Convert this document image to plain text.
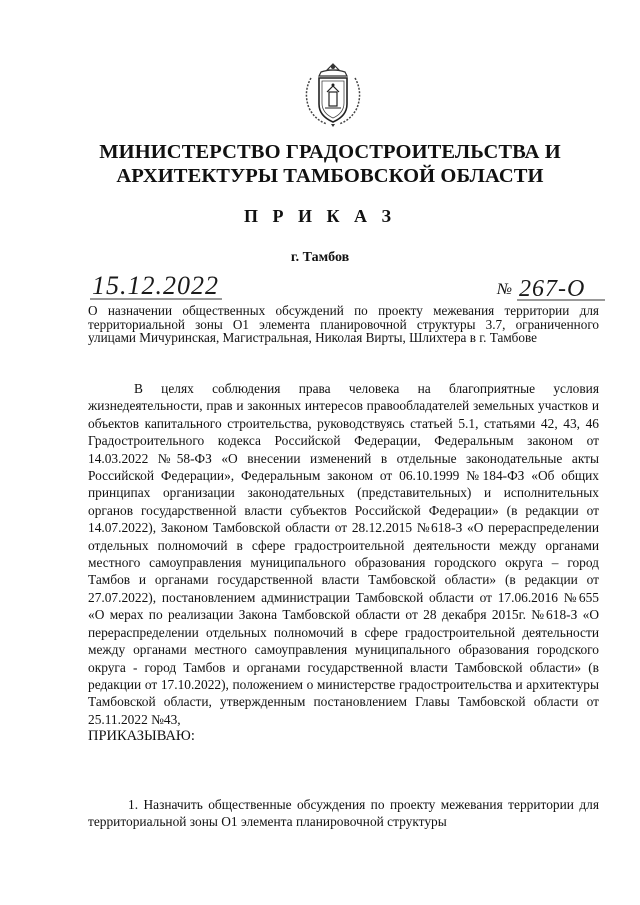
МИНИСТЕРСТВО ГРАДОСТРОИТЕЛЬСТВА И
АРХИТЕКТУРЫ ТАМБОВСКОЙ ОБЛАСТИ
П Р И К А З
г. Тамбов
15.12.2022	№ 267-О
О назначении общественных обсуждений по проекту межевания территории для территориальной зоны О1 элемента планировочной структуры 3.7, ограниченного улицами Мичуринская, Магистральная, Николая Вирты, Шлихтера в г. Тамбове

В целях соблюдения права человека на благоприятные условия жизнедеятельности, прав и законных интересов правообладателей земельных участков и объектов капитального строительства, руководствуясь статьей 5.1, статьями 42, 43, 46 Градостроительного кодекса Российской Федерации, Федеральным законом от 14.03.2022 №58-ФЗ «О внесении изменений в отдельные законодательные акты Российской Федерации», Федеральным законом от 06.10.1999 №184-ФЗ «Об общих принципах организации законодательных (представительных) и исполнительных органов государственной власти субъектов Российской Федерации» (в редакции от 14.07.2022), Законом Тамбовской области от 28.12.2015 №618-З «О перераспределении отдельных полномочий в сфере градостроительной деятельности между органами местного самоуправления муниципального образования городского округа – город Тамбов и органами государственной власти Тамбовской области» (в редакции от 27.07.2022), постановлением администрации Тамбовской области от 17.06.2016 №655 «О мерах по реализации Закона Тамбовской области от 28 декабря 2015г. №618-З «О перераспределении отдельных полномочий в сфере градостроительной деятельности между органами местного самоуправления муниципального образования городского округа - город Тамбов и органами государственной власти Тамбовской области» (в редакции от 17.10.2022), положением о министерстве градостроительства и архитектуры Тамбовской области, утвержденным постановлением Главы Тамбовской области от 25.11.2022 №43,

ПРИКАЗЫВАЮ:

1. Назначить общественные обсуждения по проекту межевания территории для территориальной зоны О1 элемента планировочной структуры
